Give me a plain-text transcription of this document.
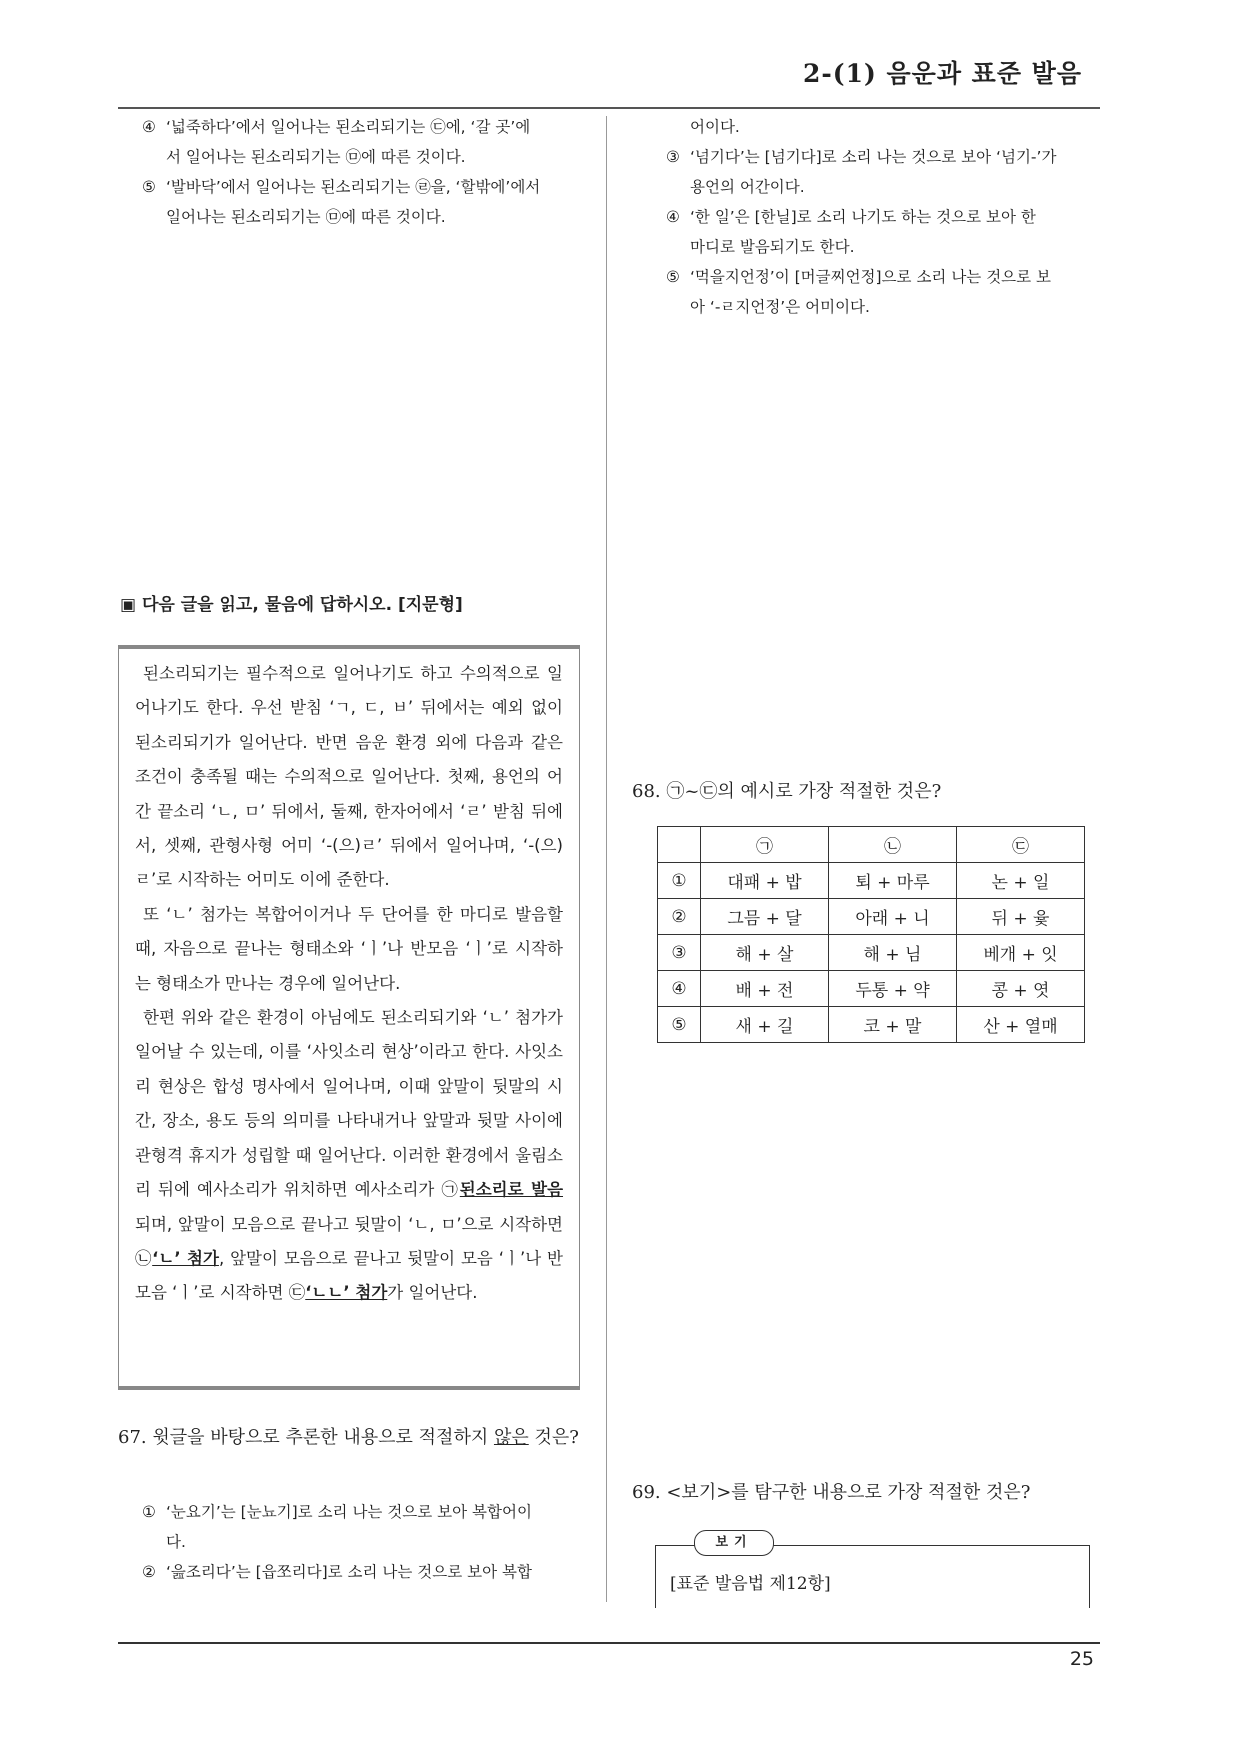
2-(1) 음운과 표준 발음
④ ‘넓죽하다’에서 일어나는 된소리되기는 ㉢에, ‘갈 곳’에
서 일어나는 된소리되기는 ㉤에 따른 것이다.
⑤ ‘발바닥’에서 일어나는 된소리되기는 ㉣을, ‘할밖에’에서
일어나는 된소리되기는 ㉤에 따른 것이다.
어이다.
③ ‘넘기다’는 [넘기다]로 소리 나는 것으로 보아 ‘넘기-’가
용언의 어간이다.
④ ‘한 일’은 [한닐]로 소리 나기도 하는 것으로 보아 한
마디로 발음되기도 한다.
⑤ ‘먹을지언정’이 [머글찌언정]으로 소리 나는 것으로 보
아 ‘-ㄹ지언정’은 어미이다.
▣ 다음 글을 읽고, 물음에 답하시오. [지문형]

된소리되기는 필수적으로 일어나기도 하고 수의적으로 일어나기도 한다. 우선 받침 ‘ㄱ, ㄷ, ㅂ’ 뒤에서는 예외 없이 된소리되기가 일어난다. 반면 음운 환경 외에 다음과 같은 조건이 충족될 때는 수의적으로 일어난다. 첫째, 용언의 어간 끝소리 ‘ㄴ, ㅁ’ 뒤에서, 둘째, 한자어에서 ‘ㄹ’ 받침 뒤에서, 셋째, 관형사형 어미 ‘-(으)ㄹ’ 뒤에서 일어나며, ‘-(으)ㄹ’로 시작하는 어미도 이에 준한다.

또 ‘ㄴ’ 첨가는 복합어이거나 두 단어를 한 마디로 발음할 때, 자음으로 끝나는 형태소와 ‘ㅣ’나 반모음 ‘ㅣ’로 시작하는 형태소가 만나는 경우에 일어난다.

한편 위와 같은 환경이 아님에도 된소리되기와 ‘ㄴ’ 첨가가 일어날 수 있는데, 이를 ‘사잇소리 현상’이라고 한다. 사잇소리 현상은 합성 명사에서 일어나며, 이때 앞말이 뒷말의 시간, 장소, 용도 등의 의미를 나타내거나 앞말과 뒷말 사이에 관형격 휴지가 성립할 때 일어난다. 이러한 환경에서 울림소리 뒤에 예사소리가 위치하면 예사소리가 ㉠된소리로 발음되며, 앞말이 모음으로 끝나고 뒷말이 ‘ㄴ, ㅁ’으로 시작하면 ㉡‘ㄴ’ 첨가, 앞말이 모음으로 끝나고 뒷말이 모음 ‘ㅣ’나 반모음 ‘ㅣ’로 시작하면 ㉢‘ㄴㄴ’ 첨가가 일어난다.

67. 윗글을 바탕으로 추론한 내용으로 적절하지 않은 것은?
① ‘눈요기’는 [눈뇨기]로 소리 나는 것으로 보아 복합어이
다.
② ‘읊조리다’는 [읍쪼리다]로 소리 나는 것으로 보아 복합
68. ㉠~㉢의 예시로 가장 적절한 것은?
	㉠	㉡	㉢
①	대패 + 밥	퇴 + 마루	논 + 일
②	그믐 + 달	아래 + 니	뒤 + 윷
③	해 + 살	해 + 님	베개 + 잇
④	배 + 전	두통 + 약	콩 + 엿
⑤	새 + 길	코 + 말	산 + 열매
69. <보기>를 탐구한 내용으로 가장 적절한 것은?
보기
[표준 발음법 제12항]
25
